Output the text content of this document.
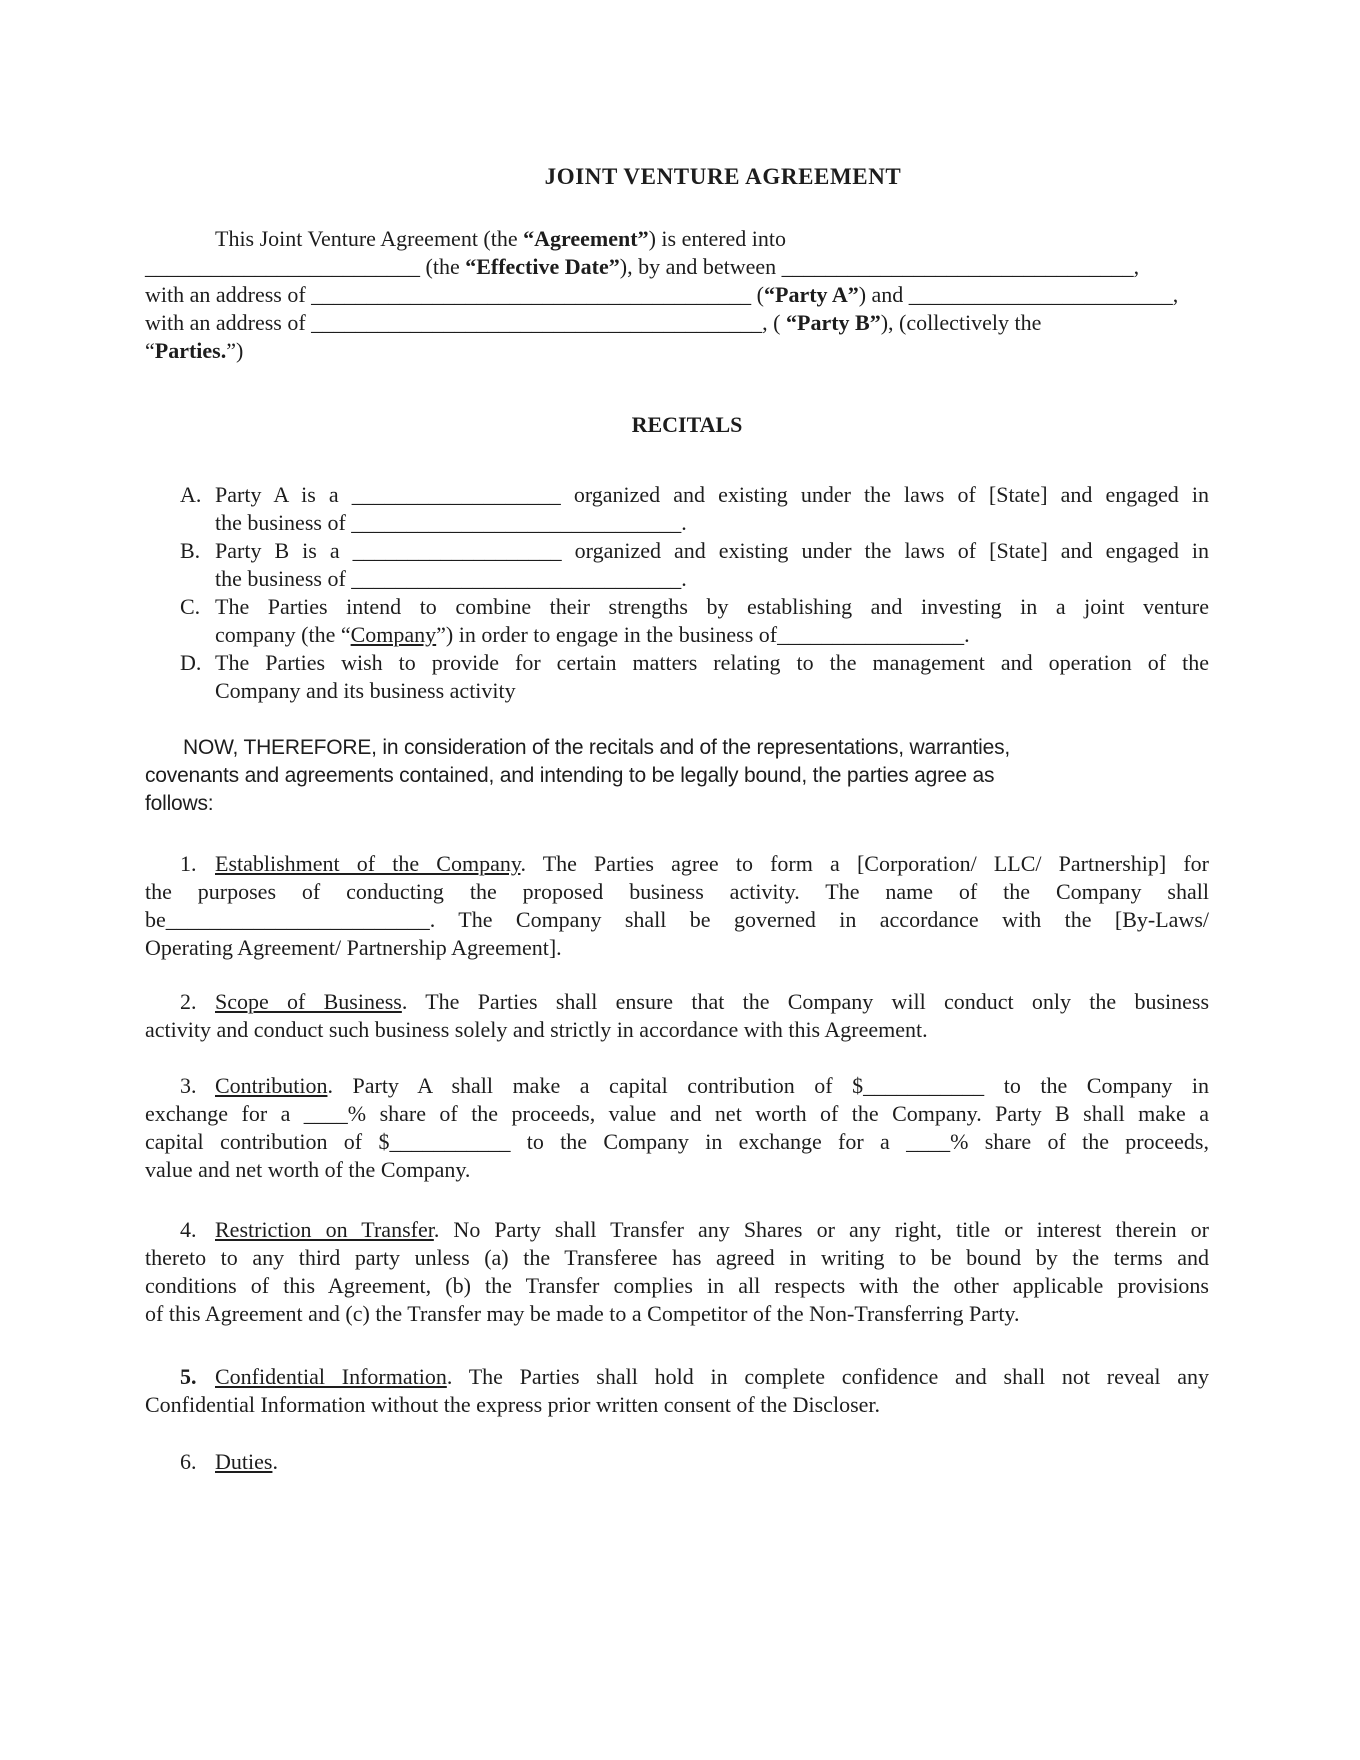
JOINT VENTURE AGREEMENT
This Joint Venture Agreement (the “Agreement”) is entered into
_________________________ (the “Effective Date”), by and between ________________________________,
with an address of ________________________________________ (“Party A”) and ________________________,
with an address of _________________________________________, ( “Party B”), (collectively the
“Parties.”)
RECITALS
A. Party A is a ___________________ organized and existing under the laws of [State] and engaged in
the business of ______________________________.
B. Party B is a ___________________ organized and existing under the laws of [State] and engaged in
the business of ______________________________.
C. The Parties intend to combine their strengths by establishing and investing in a joint venture
company (the “Company”) in order to engage in the business of_________________.
D. The Parties wish to provide for certain matters relating to the management and operation of the
Company and its business activity
NOW, THEREFORE, in consideration of the recitals and of the representations, warranties,
covenants and agreements contained, and intending to be legally bound, the parties agree as
follows:
1. Establishment of the Company. The Parties agree to form a [Corporation/ LLC/ Partnership] for
the purposes of conducting the proposed business activity. The name of the Company shall
be________________________. The Company shall be governed in accordance with the [By-Laws/
Operating Agreement/ Partnership Agreement].
2. Scope of Business. The Parties shall ensure that the Company will conduct only the business
activity and conduct such business solely and strictly in accordance with this Agreement.
3. Contribution. Party A shall make a capital contribution of $___________ to the Company in
exchange for a ____% share of the proceeds, value and net worth of the Company. Party B shall make a
capital contribution of $___________ to the Company in exchange for a ____% share of the proceeds,
value and net worth of the Company.
4. Restriction on Transfer. No Party shall Transfer any Shares or any right, title or interest therein or
thereto to any third party unless (a) the Transferee has agreed in writing to be bound by the terms and
conditions of this Agreement, (b) the Transfer complies in all respects with the other applicable provisions
of this Agreement and (c) the Transfer may be made to a Competitor of the Non-Transferring Party.
5. Confidential Information. The Parties shall hold in complete confidence and shall not reveal any
Confidential Information without the express prior written consent of the Discloser.
6. Duties.
